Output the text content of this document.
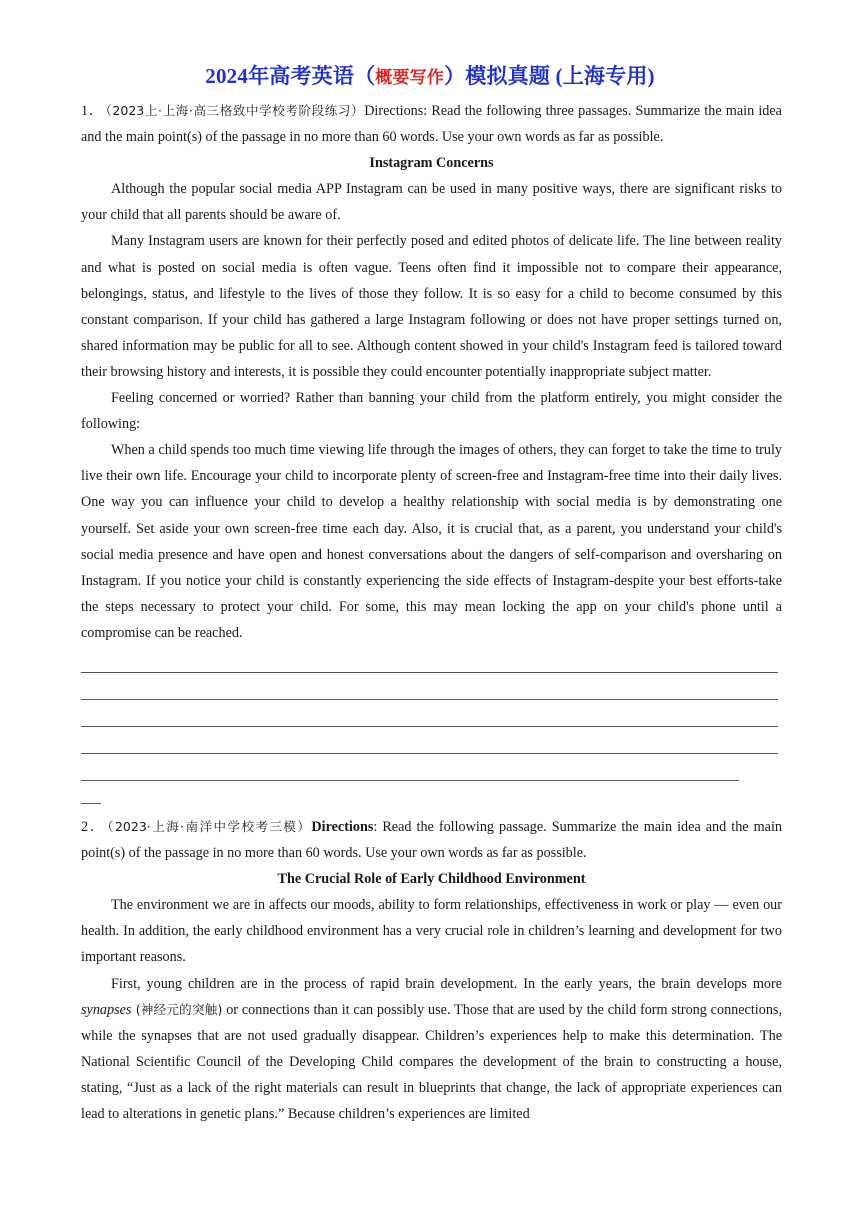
2024年高考英语（概要写作）模拟真题 (上海专用)

1． （2023上·上海·高三格致中学校考阶段练习）Directions: Read the following three passages. Summarize the main idea and the main point(s) of the passage in no more than 60 words. Use your own words as far as possible.

Instagram Concerns

Although the popular social media APP Instagram can be used in many positive ways, there are significant risks to your child that all parents should be aware of.

Many Instagram users are known for their perfectly posed and edited photos of delicate life. The line between reality and what is posted on social media is often vague. Teens often find it impossible not to compare their appearance, belongings, status, and lifestyle to the lives of those they follow. It is so easy for a child to become consumed by this constant comparison. If your child has gathered a large Instagram following or does not have proper settings turned on, shared information may be public for all to see. Although content showed in your child's Instagram feed is tailored toward their browsing history and interests, it is possible they could encounter potentially inappropriate subject matter.

Feeling concerned or worried? Rather than banning your child from the platform entirely, you might consider the following:

When a child spends too much time viewing life through the images of others, they can forget to take the time to truly live their own life. Encourage your child to incorporate plenty of screen-free and Instagram-free time into their daily lives. One way you can influence your child to develop a healthy relationship with social media is by demonstrating one yourself. Set aside your own screen-free time each day. Also, it is crucial that, as a parent, you understand your child's social media presence and have open and honest conversations about the dangers of self-comparison and oversharing on Instagram. If you notice your child is constantly experiencing the side effects of Instagram-despite your best efforts-take the steps necessary to protect your child. For some, this may mean locking the app on your child's phone until a compromise can be reached.

2． （2023·上海·南洋中学校考三模）Directions: Read the following passage. Summarize the main idea and the main point(s) of the passage in no more than 60 words. Use your own words as far as possible.

The Crucial Role of Early Childhood Environment

The environment we are in affects our moods, ability to form relationships, effectiveness in work or play — even our health. In addition, the early childhood environment has a very crucial role in children’s learning and development for two important reasons.

First, young children are in the process of rapid brain development. In the early years, the brain develops more synapses (神经元的突触) or connections than it can possibly use. Those that are used by the child form strong connections, while the synapses that are not used gradually disappear. Children’s experiences help to make this determination. The National Scientific Council of the Developing Child compares the development of the brain to constructing a house, stating, “Just as a lack of the right materials can result in blueprints that change, the lack of appropriate experiences can lead to alterations in genetic plans.” Because children’s experiences are limited
